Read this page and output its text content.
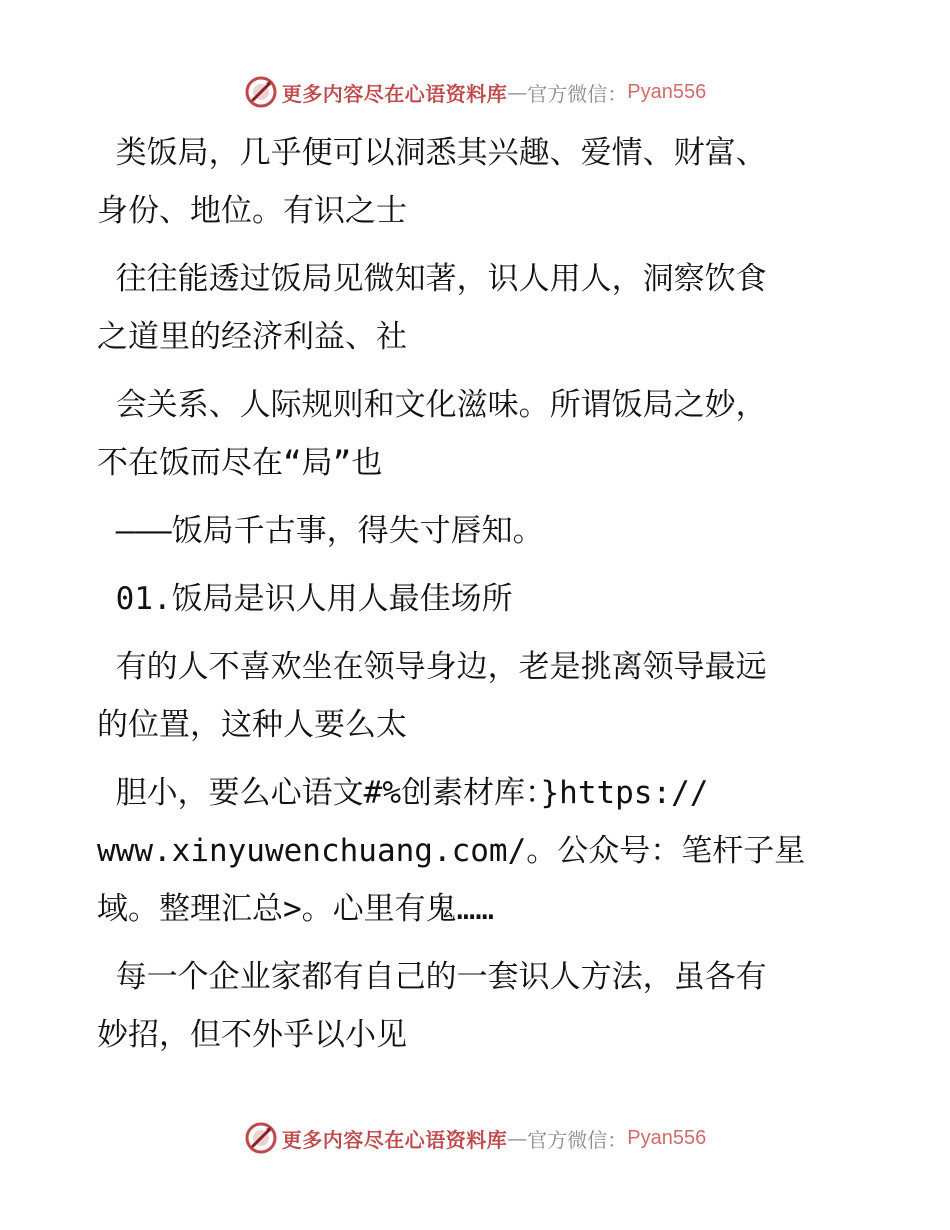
更多内容尽在心语资料库 — 官方微信： Pyan556
类饭局，几乎便可以洞悉其兴趣、爱情、财富、
身份、地位。有识之士
往往能透过饭局见微知著，识人用人，洞察饮食
之道里的经济利益、社
会关系、人际规则和文化滋味。所谓饭局之妙，
不在饭而尽在“局”也
———饭局千古事，得失寸唇知。
01.饭局是识人用人最佳场所
有的人不喜欢坐在领导身边，老是挑离领导最远
的位置，这种人要么太
胆小，要么心语文#%创素材库：}https://
www.xinyuwenchuang.com/。公众号：笔杆子星
域。整理汇总>。心里有鬼……
每一个企业家都有自己的一套识人方法，虽各有
妙招，但不外乎以小见
更多内容尽在心语资料库 — 官方微信： Pyan556
